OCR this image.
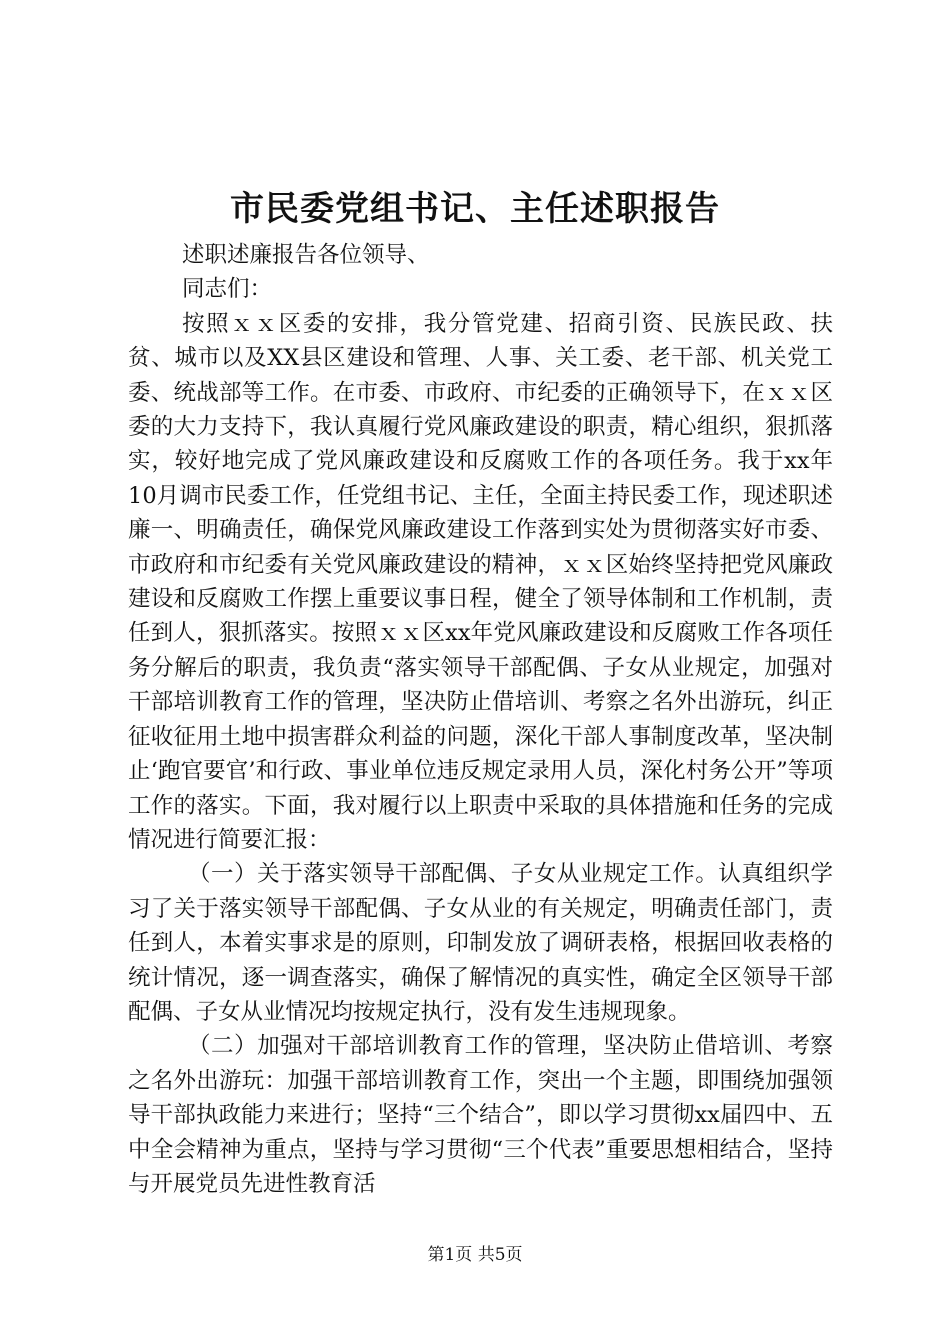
市民委党组书记、主任述职报告

述职述廉报告各位领导、

同志们：

按照ｘｘ区委的安排，我分管党建、招商引资、民族民政、扶贫、城市以及XX县区建设和管理、人事、关工委、老干部、机关党工委、统战部等工作。在市委、市政府、市纪委的正确领导下，在ｘｘ区委的大力支持下，我认真履行党风廉政建设的职责，精心组织，狠抓落实，较好地完成了党风廉政建设和反腐败工作的各项任务。我于xx年10月调市民委工作，任党组书记、主任，全面主持民委工作，现述职述廉一、明确责任，确保党风廉政建设工作落到实处为贯彻落实好市委、市政府和市纪委有关党风廉政建设的精神，ｘｘ区始终坚持把党风廉政建设和反腐败工作摆上重要议事日程，健全了领导体制和工作机制，责任到人，狠抓落实。按照ｘｘ区xx年党风廉政建设和反腐败工作各项任务分解后的职责，我负责“落实领导干部配偶、子女从业规定，加强对干部培训教育工作的管理，坚决防止借培训、考察之名外出游玩，纠正征收征用土地中损害群众利益的问题，深化干部人事制度改革，坚决制止‘跑官要官’和行政、事业单位违反规定录用人员，深化村务公开”等项工作的落实。下面，我对履行以上职责中采取的具体措施和任务的完成情况进行简要汇报：

（一）关于落实领导干部配偶、子女从业规定工作。认真组织学习了关于落实领导干部配偶、子女从业的有关规定，明确责任部门，责任到人，本着实事求是的原则，印制发放了调研表格，根据回收表格的统计情况，逐一调查落实，确保了解情况的真实性，确定全区领导干部配偶、子女从业情况均按规定执行，没有发生违规现象。

（二）加强对干部培训教育工作的管理，坚决防止借培训、考察之名外出游玩：加强干部培训教育工作，突出一个主题，即围绕加强领导干部执政能力来进行；坚持“三个结合”，即以学习贯彻xx届四中、五中全会精神为重点，坚持与学习贯彻“三个代表”重要思想相结合，坚持与开展党员先进性教育活

第1页 共5页
